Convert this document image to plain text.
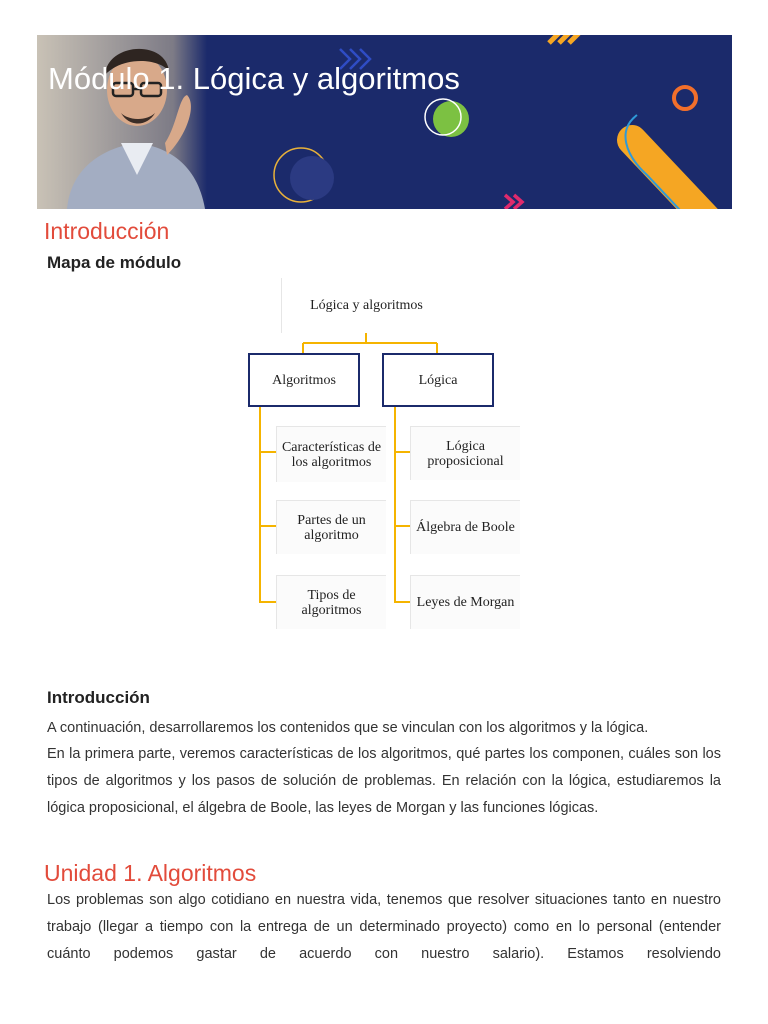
Módulo 1. Lógica y algoritmos
Introducción
Mapa de módulo
Lógica y algoritmos
Algoritmos	Lógica
Características de los algoritmos
Partes de un algoritmo
Tipos de algoritmos
Lógica proposicional
Álgebra de Boole
Leyes de Morgan
Introducción

A continuación, desarrollaremos los contenidos que se vinculan con los algoritmos y la lógica.

En la primera parte, veremos características de los algoritmos, qué partes los componen, cuáles son los tipos de algoritmos y los pasos de solución de problemas. En relación con la lógica, estudiaremos la lógica proposicional, el álgebra de Boole, las leyes de Morgan y las funciones lógicas.

Unidad 1. Algoritmos

Los problemas son algo cotidiano en nuestra vida, tenemos que resolver situaciones tanto en nuestro trabajo (llegar a tiempo con la entrega de un determinado proyecto) como en lo personal (entender cuánto podemos gastar de acuerdo con nuestro salario). Estamos resolviendo
